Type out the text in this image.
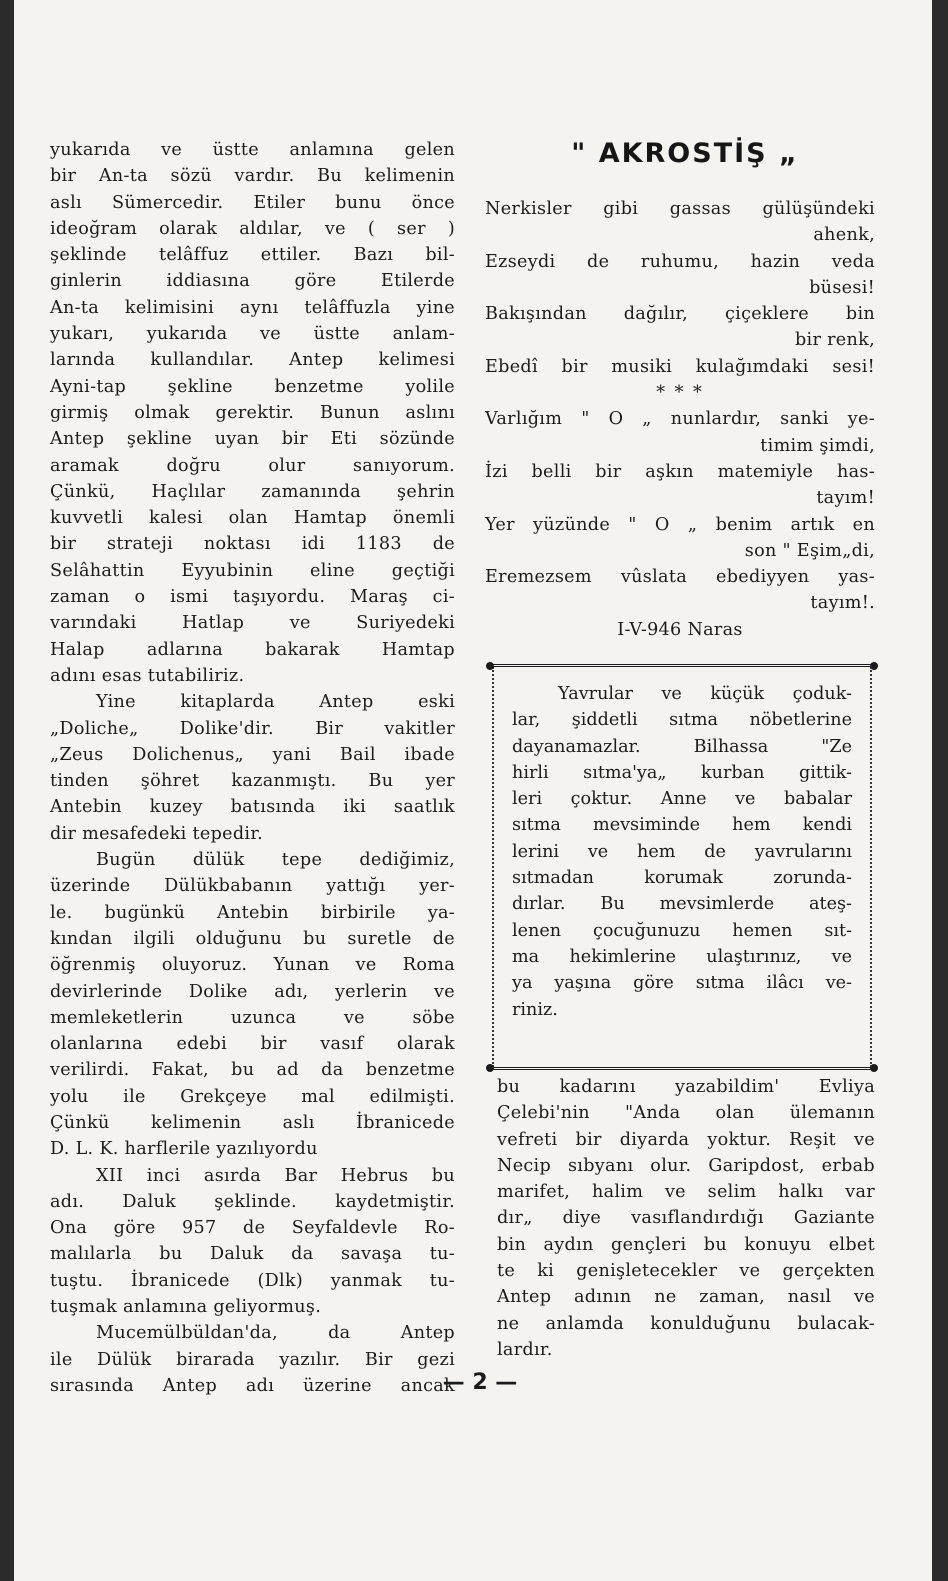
yukarıda ve üstte anlamına gelen
bir An-ta sözü vardır. Bu kelimenin
aslı Sümercedir. Etiler bunu önce
ideoğram olarak aldılar, ve ( ser )
şeklinde telâffuz ettiler. Bazı bil-
ginlerin iddiasına göre Etilerde
An-ta kelimisini aynı telâffuzla yine
yukarı, yukarıda ve üstte anlam-
larında kullandılar. Antep kelimesi
Ayni-tap şekline benzetme yolile
girmiş olmak gerektir. Bunun aslını
Antep şekline uyan bir Eti sözünde
aramak doğru olur sanıyorum.
Çünkü, Haçlılar zamanında şehrin
kuvvetli kalesi olan Hamtap önemli
bir strateji noktası idi 1183 de
Selâhattin Eyyubinin eline geçtiği
zaman o ismi taşıyordu. Maraş ci-
varındaki Hatlap ve Suriyedeki
Halap adlarına bakarak Hamtap
adını esas tutabiliriz.
Yine kitaplarda Antep eski
„Doliche„ Dolike'dir. Bir vakitler
„Zeus Dolichenus„ yani Bail ibade
tinden şöhret kazanmıştı. Bu yer
Antebin kuzey batısında iki saatlık
dir mesafedeki tepedir.
Bugün dülük tepe dediğimiz,
üzerinde Dülükbabanın yattığı yer-
le. bugünkü Antebin birbirile ya-
kından ilgili olduğunu bu suretle de
öğrenmiş oluyoruz. Yunan ve Roma
devirlerinde Dolike adı, yerlerin ve
memleketlerin uzunca ve söbe
olanlarına edebi bir vasıf olarak
verilirdi. Fakat, bu ad da benzetme
yolu ile Grekçeye mal edilmişti.
Çünkü kelimenin aslı İbranicede
D. L. K. harflerile yazılıyordu
XII inci asırda Bar Hebrus bu
adı. Daluk şeklinde. kaydetmiştir.
Ona göre 957 de Seyfaldevle Ro-
malılarla bu Daluk da savaşa tu-
tuştu. İbranicede (Dlk) yanmak tu-
tuşmak anlamına geliyormuş.
Mucemülbüldan'da, da Antep
ile Dülük birarada yazılır. Bir gezi
sırasında Antep adı üzerine ancak
" AKROSTİŞ „
Nerkisler gibi gassas gülüşündeki
ahenk,
Ezseydi de ruhumu, hazin veda
büsesi!
Bakışından dağılır, çiçeklere bin
bir renk,
Ebedî bir musiki kulağımdaki sesi!
* * *
Varlığım " O „ nunlardır, sanki ye-
timim şimdi,
İzi belli bir aşkın matemiyle has-
tayım!
Yer yüzünde " O „ benim artık en
son " Eşim„di,
Eremezsem vûslata ebediyyen yas-
tayım!.
I-V-946 Naras
Yavrular ve küçük çoduk-
lar, şiddetli sıtma nöbetlerine
dayanamazlar. Bilhassa "Ze
hirli sıtma'ya„ kurban gittik-
leri çoktur. Anne ve babalar
sıtma mevsiminde hem kendi
lerini ve hem de yavrularını
sıtmadan korumak zorunda-
dırlar. Bu mevsimlerde ateş-
lenen çocuğunuzu hemen sıt-
ma hekimlerine ulaştırınız, ve
ya yaşına göre sıtma ilâcı ve-
riniz.
bu kadarını yazabildim' Evliya
Çelebi'nin "Anda olan ülemanın
vefreti bir diyarda yoktur. Reşit ve
Necip sıbyanı olur. Garipdost, erbab
marifet, halim ve selim halkı var
dır„ diye vasıflandırdığı Gaziante
bin aydın gençleri bu konuyu elbet
te ki genişletecekler ve gerçekten
Antep adının ne zaman, nasıl ve
ne anlamda konulduğunu bulacak-
lardır.
— 2 —
